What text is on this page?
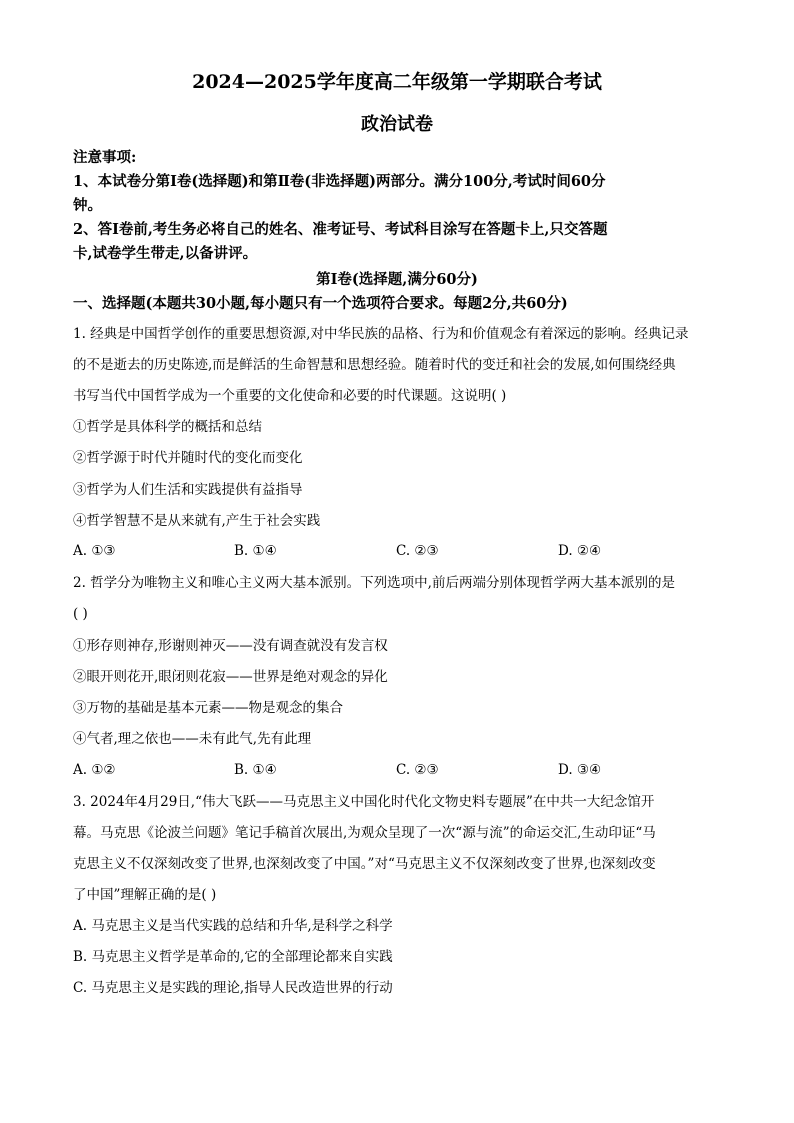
2024—2025学年度高二年级第一学期联合考试
政治试卷
注意事项:
1、本试卷分第Ⅰ卷(选择题)和第Ⅱ卷(非选择题)两部分。满分100分,考试时间60分
钟。
2、答Ⅰ卷前,考生务必将自己的姓名、准考证号、考试科目涂写在答题卡上,只交答题
卡,试卷学生带走,以备讲评。
第Ⅰ卷(选择题,满分60分)
一、选择题(本题共30小题,每小题只有一个选项符合要求。每题2分,共60分)
1. 经典是中国哲学创作的重要思想资源,对中华民族的品格、行为和价值观念有着深远的影响。经典记录
的不是逝去的历史陈迹,而是鲜活的生命智慧和思想经验。随着时代的变迁和社会的发展,如何围绕经典
书写当代中国哲学成为一个重要的文化使命和必要的时代课题。这说明( )
①哲学是具体科学的概括和总结
②哲学源于时代并随时代的变化而变化
③哲学为人们生活和实践提供有益指导
④哲学智慧不是从来就有,产生于社会实践
A. ①③	B. ①④	C. ②③	D. ②④
2. 哲学分为唯物主义和唯心主义两大基本派别。下列选项中,前后两端分别体现哲学两大基本派别的是
( )
①形存则神存,形谢则神灭——没有调查就没有发言权
②眼开则花开,眼闭则花寂——世界是绝对观念的异化
③万物的基础是基本元素——物是观念的集合
④气者,理之依也——未有此气,先有此理
A. ①②	B. ①④	C. ②③	D. ③④
3. 2024年4月29日,“伟大飞跃——马克思主义中国化时代化文物史料专题展”在中共一大纪念馆开
幕。马克思《论波兰问题》笔记手稿首次展出,为观众呈现了一次“源与流”的命运交汇,生动印证“马
克思主义不仅深刻改变了世界,也深刻改变了中国。”对“马克思主义不仅深刻改变了世界,也深刻改变
了中国”理解正确的是( )
A. 马克思主义是当代实践的总结和升华,是科学之科学
B. 马克思主义哲学是革命的,它的全部理论都来自实践
C. 马克思主义是实践的理论,指导人民改造世界的行动
